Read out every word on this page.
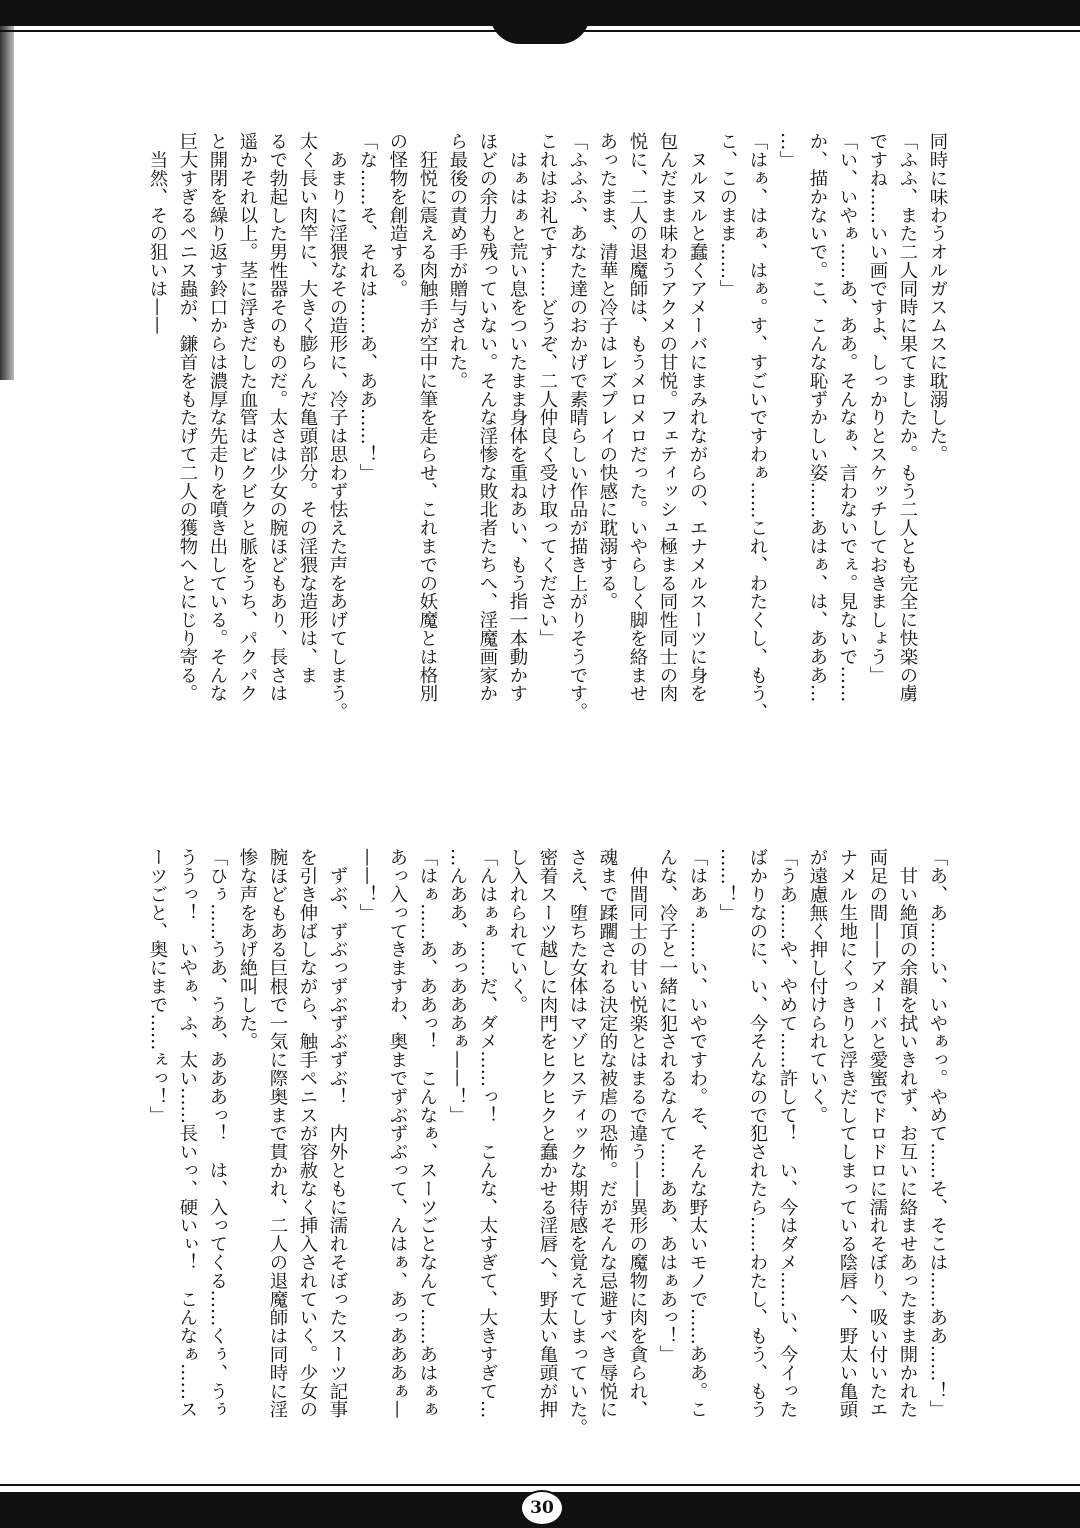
同時に味わうオルガスムスに耽溺した。
「ふふ、また二人同時に果てましたか。もう二人とも完全に快楽の虜
ですね……いい画ですよ、しっかりとスケッチしておきましょう」
「い、いやぁ……あ、ああ。そんなぁ、言わないでぇ。見ないで……
か、描かないで。こ、こんな恥ずかしい姿……あはぁ、は、あああ…
…」
「はぁ、はぁ、はぁ。す、すごいですわぁ……これ、わたくし、もう、
こ、このまま……」
　ヌルヌルと蠢くアメーバにまみれながらの、エナメルスーツに身を
包んだまま味わうアクメの甘悦。フェティッシュ極まる同性同士の肉
悦に、二人の退魔師は、もうメロメロだった。いやらしく脚を絡ませ
あったまま、清華と冷子はレズプレイの快感に耽溺する。
「ふふふ、あなた達のおかげで素晴らしい作品が描き上がりそうです。
これはお礼です……どうぞ、二人仲良く受け取ってください」
　はぁはぁと荒い息をついたまま身体を重ねあい、もう指一本動かす
ほどの余力も残っていない。そんな淫惨な敗北者たちへ、淫魔画家か
ら最後の責め手が贈与された。
　狂悦に震える肉触手が空中に筆を走らせ、これまでの妖魔とは格別
の怪物を創造する。
「な……そ、それは……あ、ああ……！」
　あまりに淫猥なその造形に、冷子は思わず怯えた声をあげてしまう。
太く長い肉竿に、大きく膨らんだ亀頭部分。その淫猥な造形は、ま
るで勃起した男性器そのものだ。太さは少女の腕ほどもあり、長さは
遥かそれ以上。茎に浮きだした血管はビクビクと脈をうち、パクパク
と開閉を繰り返す鈴口からは濃厚な先走りを噴き出している。そんな
巨大すぎるペニス蟲が、鎌首をもたげて二人の獲物へとにじり寄る。
　当然、その狙いは——
「あ、あ……い、いやぁっ。やめて……そ、そこは……ああ……！」
　甘い絶頂の余韻を拭いきれず、お互いに絡ませあったまま開かれた
両足の間——アメーバと愛蜜でドロドロに濡れそぼり、吸い付いたエ
ナメル生地にくっきりと浮きだしてしまっている陰唇へ、野太い亀頭
が遠慮無く押し付けられていく。
「うあ……や、やめて……許して！　い、今はダメ……い、今イった
ばかりなのに、い、今そんなので犯されたら……わたし、もう、もう
……！」
「はあぁ……い、いやですわ。そ、そんな野太いモノで……ああ。こ
んな、冷子と一緒に犯されるなんて……ああ、あはぁあっ！」
　仲間同士の甘い悦楽とはまるで違う——異形の魔物に肉を貪られ、
魂まで蹂躙される決定的な被虐の恐怖。だがそんな忌避すべき辱悦に
さえ、堕ちた女体はマゾヒスティックな期待感を覚えてしまっていた。
密着スーツ越しに肉門をヒクヒクと蠢かせる淫唇へ、野太い亀頭が押
し入れられていく。
「んはぁぁ……だ、ダメ……っ！　こんな、太すぎて、大きすぎて…
…んああ、あっあああぁ——！」
「はぁ……あ、ああっ！　こんなぁ、スーツごとなんて……あはぁぁ
あっ入ってきますわ、奥までずぶずぶって、んはぁ、あっあああぁ—
——！」
　ずぶ、ずぶっずぶずぶずぶ！　内外ともに濡れそぼったスーツ記事
を引き伸ばしながら、触手ペニスが容赦なく挿入されていく。少女の
腕ほどもある巨根で一気に際奥まで貫かれ、二人の退魔師は同時に淫
惨な声をあげ絶叫した。
「ひぅ……うあ、うあ、あああっ！　は、入ってくる……くぅ、うぅ
ううっ！　いやぁ、ふ、太い……長いっ、硬いぃ！　こんなぁ……ス
ーツごと、奥にまで……ぇっ！」
30
